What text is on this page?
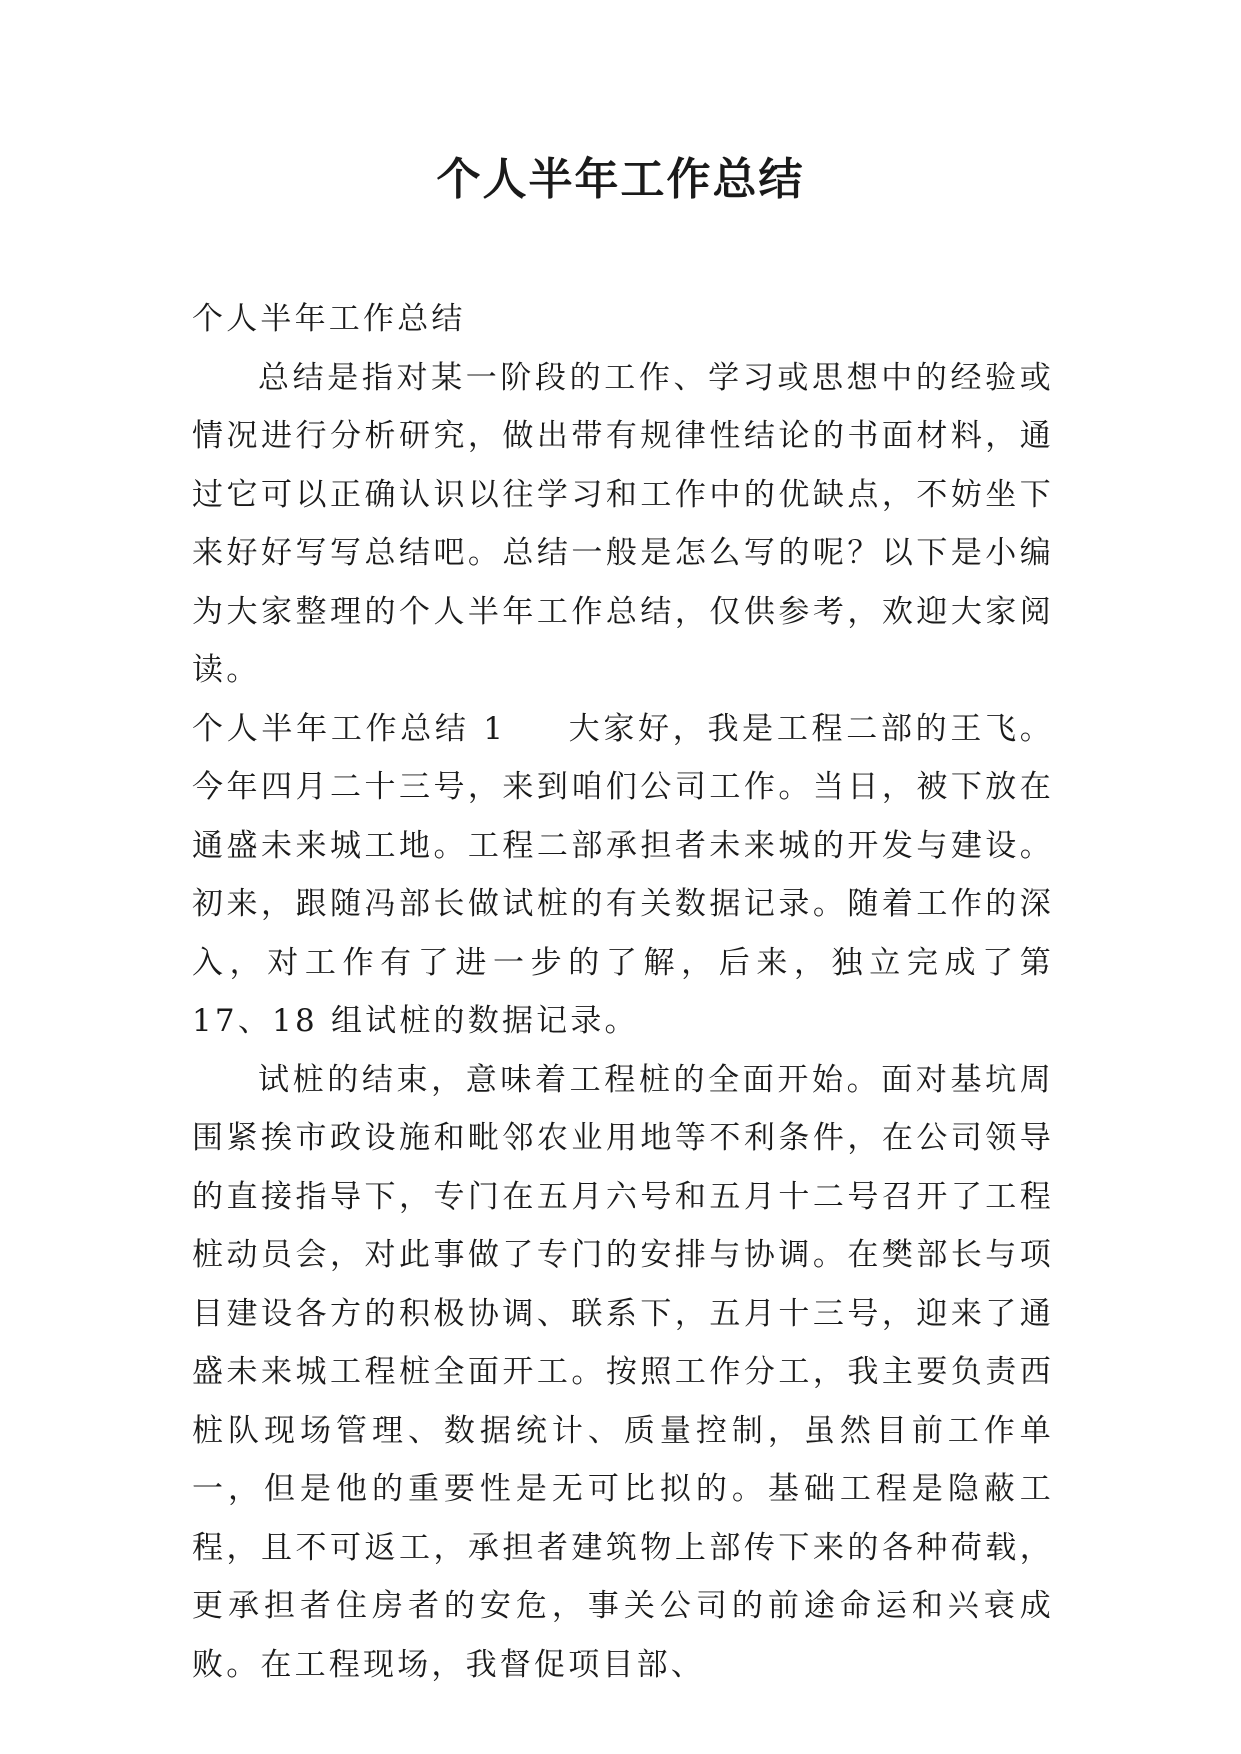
个人半年工作总结

个人半年工作总结

总结是指对某一阶段的工作、学习或思想中的经验或情况进行分析研究，做出带有规律性结论的书面材料，通过它可以正确认识以往学习和工作中的优缺点，不妨坐下来好好写写总结吧。总结一般是怎么写的呢？以下是小编为大家整理的个人半年工作总结，仅供参考，欢迎大家阅读。

个人半年工作总结 1 大家好，我是工程二部的王飞。今年四月二十三号，来到咱们公司工作。当日，被下放在通盛未来城工地。工程二部承担者未来城的开发与建设。初来，跟随冯部长做试桩的有关数据记录。随着工作的深入，对工作有了进一步的了解，后来，独立完成了第 17、18 组试桩的数据记录。

试桩的结束，意味着工程桩的全面开始。面对基坑周围紧挨市政设施和毗邻农业用地等不利条件，在公司领导的直接指导下，专门在五月六号和五月十二号召开了工程桩动员会，对此事做了专门的安排与协调。在樊部长与项目建设各方的积极协调、联系下，五月十三号，迎来了通盛未来城工程桩全面开工。按照工作分工，我主要负责西桩队现场管理、数据统计、质量控制，虽然目前工作单一，但是他的重要性是无可比拟的。基础工程是隐蔽工程，且不可返工，承担者建筑物上部传下来的各种荷载，更承担者住房者的安危，事关公司的前途命运和兴衰成败。在工程现场，我督促项目部、
